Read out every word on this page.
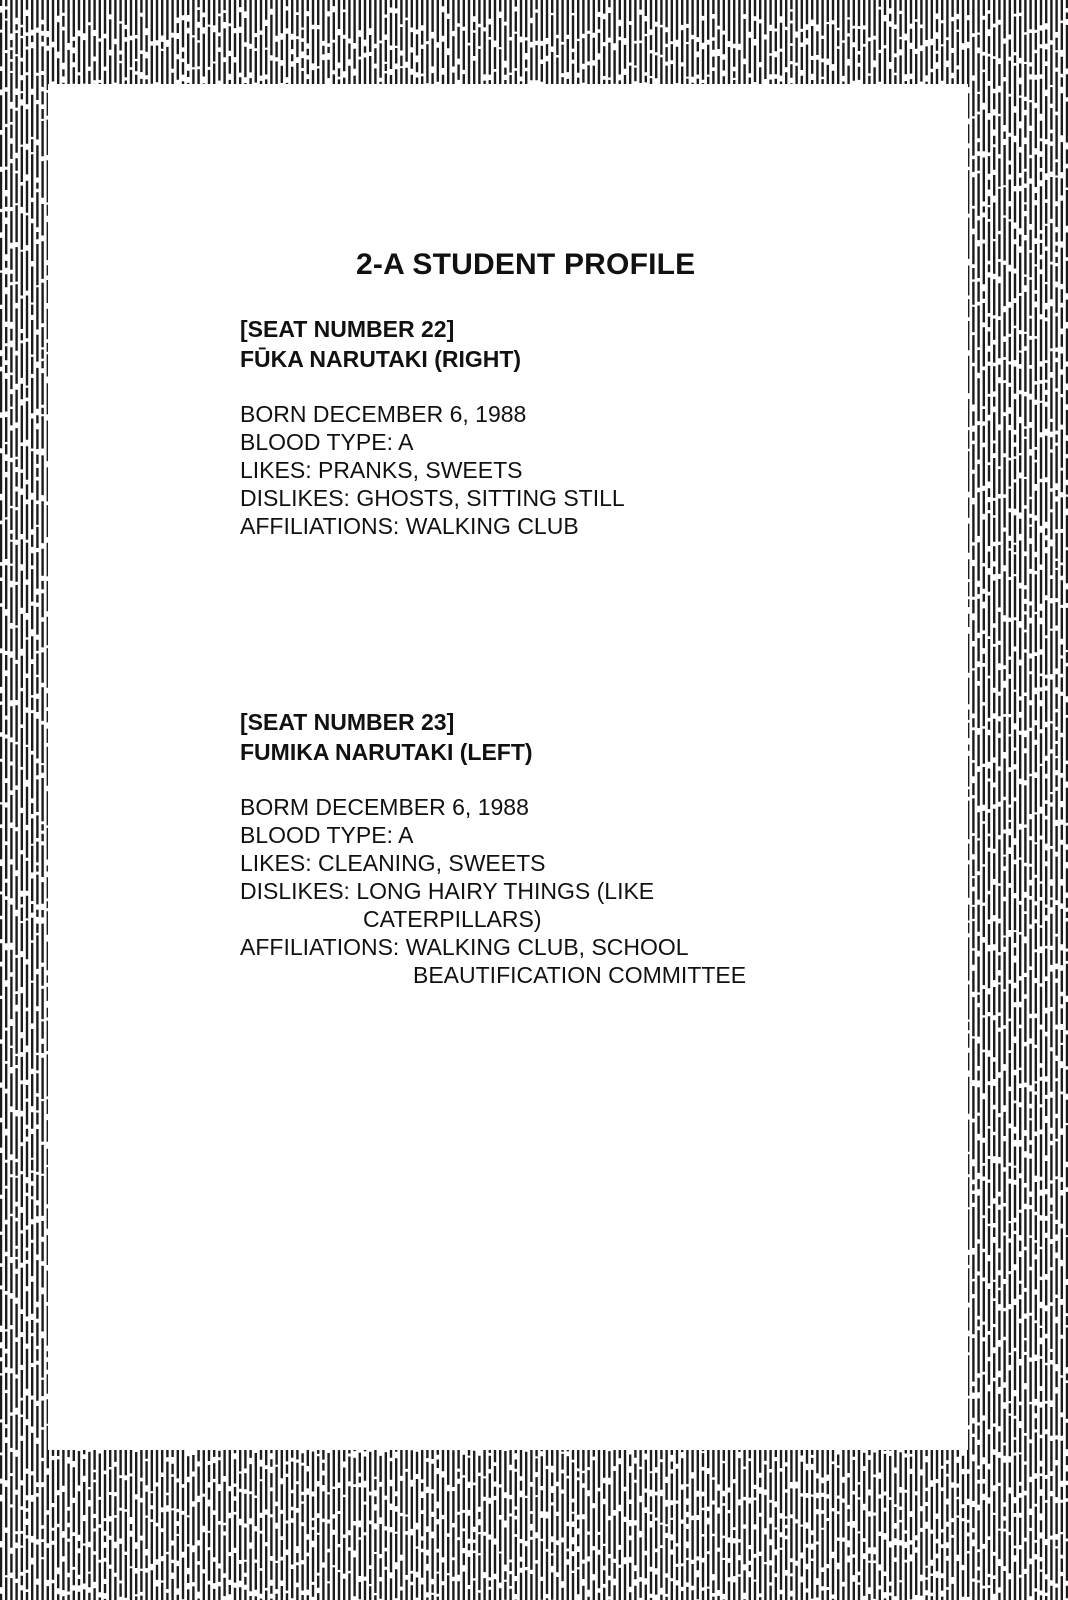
2-A STUDENT PROFILE
[SEAT NUMBER 22]
FŪKA NARUTAKI (RIGHT)
BORN DECEMBER 6, 1988
BLOOD TYPE: A
LIKES: PRANKS, SWEETS
DISLIKES: GHOSTS, SITTING STILL
AFFILIATIONS: WALKING CLUB
[SEAT NUMBER 23]
FUMIKA NARUTAKI (LEFT)
BORM DECEMBER 6, 1988
BLOOD TYPE: A
LIKES: CLEANING, SWEETS
DISLIKES: LONG HAIRY THINGS (LIKE
CATERPILLARS)
AFFILIATIONS: WALKING CLUB, SCHOOL
BEAUTIFICATION COMMITTEE
